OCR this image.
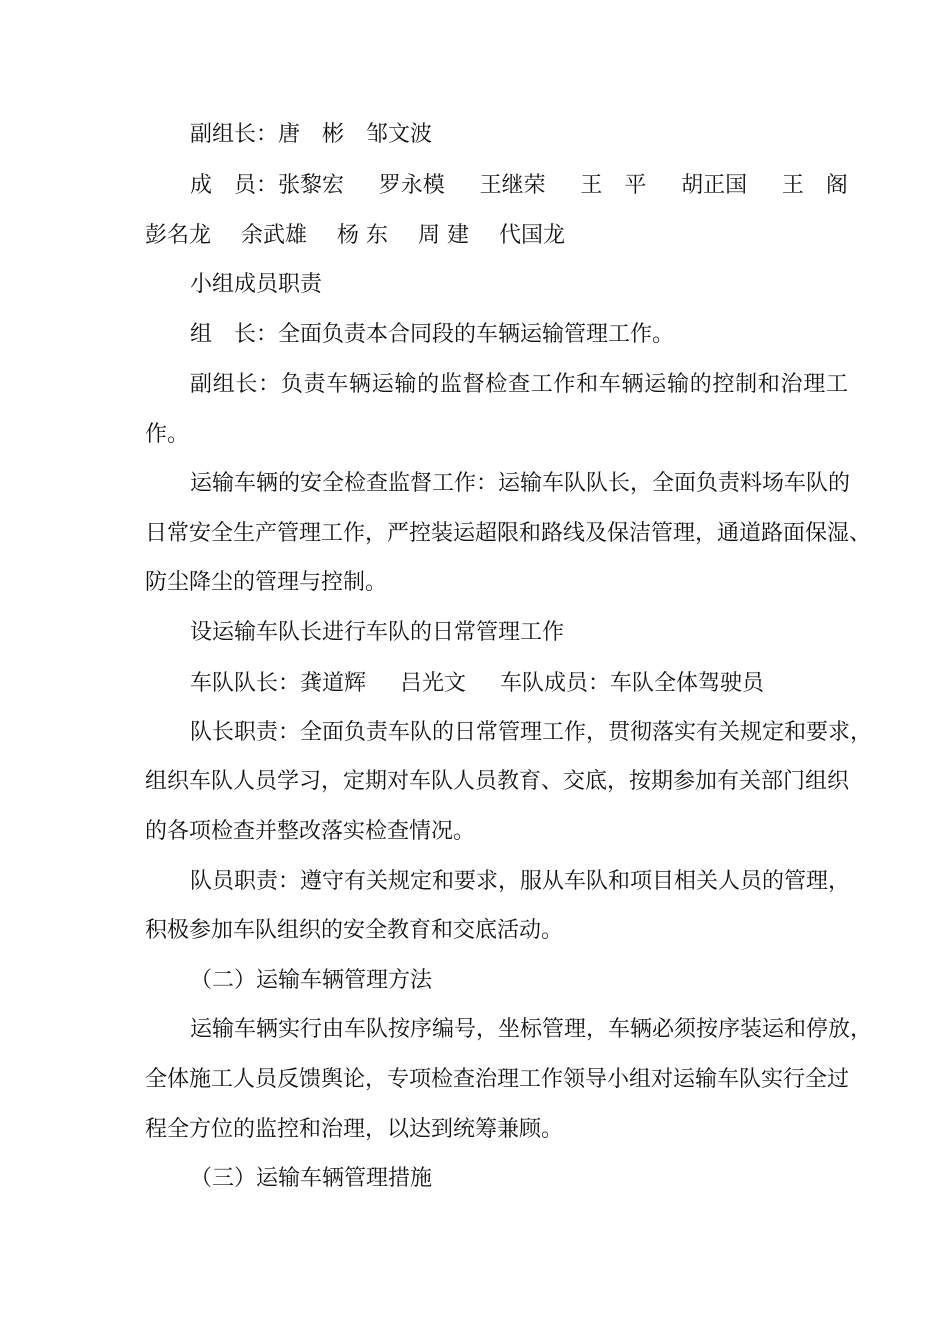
副组长： 唐　彬 邹文波

成　员：张黎宏 罗永模 王继荣 王　平 胡正国 王　阁

彭名龙 余武雄 杨 东 周 建 代国龙

小组成员职责

组　长：全面负责本合同段的车辆运输管理工作。

副组长：负责车辆运输的监督检查工作和车辆运输的控制和治理工

作。

运输车辆的安全检查监督工作：运输车队队长，全面负责料场车队的

日常安全生产管理工作，严控装运超限和路线及保洁管理，通道路面保湿、

防尘降尘的管理与控制。

设运输车队长进行车队的日常管理工作

车队队长： 龚道辉 吕光文 车队成员：车队全体驾驶员

队长职责：全面负责车队的日常管理工作，贯彻落实有关规定和要求，

组织车队人员学习，定期对车队人员教育、交底，按期参加有关部门组织

的各项检查并整改落实检查情况。

队员职责：遵守有关规定和要求，服从车队和项目相关人员的管理，

积极参加车队组织的安全教育和交底活动。

（二）运输车辆管理方法

运输车辆实行由车队按序编号，坐标管理，车辆必须按序装运和停放，

全体施工人员反馈舆论，专项检查治理工作领导小组对运输车队实行全过

程全方位的监控和治理，以达到统筹兼顾。

（三）运输车辆管理措施
